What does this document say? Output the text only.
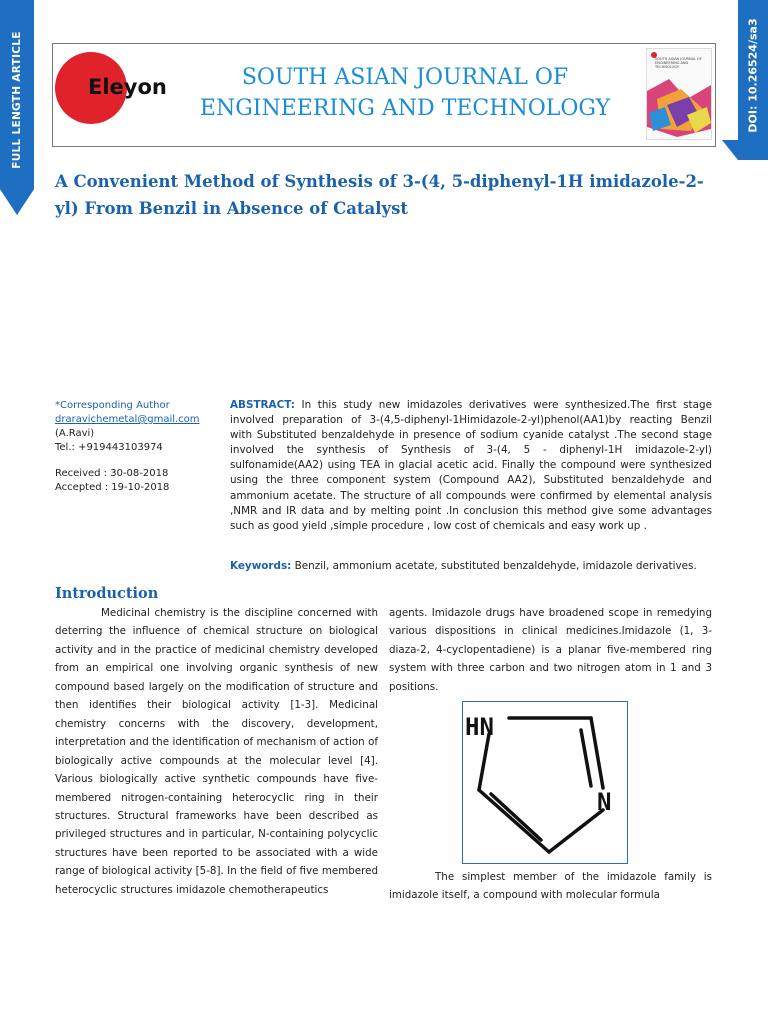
FULL LENGTH ARTICLE	DOI: 10.26524/sa3
Eleyon	SOUTH ASIAN JOURNAL OF
ENGINEERING AND TECHNOLOGY
SOUTH ASIAN JOURNAL OF ENGINEERING AND TECHNOLOGY
A Convenient Method of Synthesis of 3-(4, 5-diphenyl-1H imidazole-2-yl) From Benzil in Absence of Catalyst
*Corresponding Author
draravichemetal@gmail.com
(A.Ravi)
Tel.: +919443103974
Received : 30-08-2018
Accepted : 19-10-2018
ABSTRACT: In this study new imidazoles derivatives were synthesized.The first stage involved preparation of 3-(4,5-diphenyl-1Himidazole-2-yl)phenol(AA1)by reacting Benzil with Substituted benzaldehyde in presence of sodium cyanide catalyst .The second stage involved the synthesis of Synthesis of 3-(4, 5 - diphenyl-1H imidazole-2-yl) sulfonamide(AA2) using TEA in glacial acetic acid. Finally the compound were synthesized using the three component system (Compound AA2), Substituted benzaldehyde and ammonium acetate. The structure of all compounds were confirmed by elemental analysis ,NMR and IR data and by melting point .In conclusion this method give some advantages such as good yield ,simple procedure , low cost of chemicals and easy work up .
Keywords: Benzil, ammonium acetate, substituted benzaldehyde, imidazole derivatives.
Introduction
Medicinal chemistry is the discipline concerned with deterring the influence of chemical structure on biological activity and in the practice of medicinal chemistry developed from an empirical one involving organic synthesis of new compound based largely on the modification of structure and then identifies their biological activity [1-3]. Medicinal chemistry concerns with the discovery, development, interpretation and the identification of mechanism of action of biologically active compounds at the molecular level [4]. Various biologically active synthetic compounds have five-membered nitrogen-containing heterocyclic ring in their structures. Structural frameworks have been described as privileged structures and in particular, N-containing polycyclic structures have been reported to be associated with a wide range of biological activity [5-8]. In the field of five membered heterocyclic structures imidazole chemotherapeutics
agents. Imidazole drugs have broadened scope in remedying various dispositions in clinical medicines.Imidazole (1, 3-diaza-2, 4-cyclopentadiene) is a planar five-membered ring system with three carbon and two nitrogen atom in 1 and 3 positions.
HN
N
The simplest member of the imidazole family is imidazole itself, a compound with molecular formula
